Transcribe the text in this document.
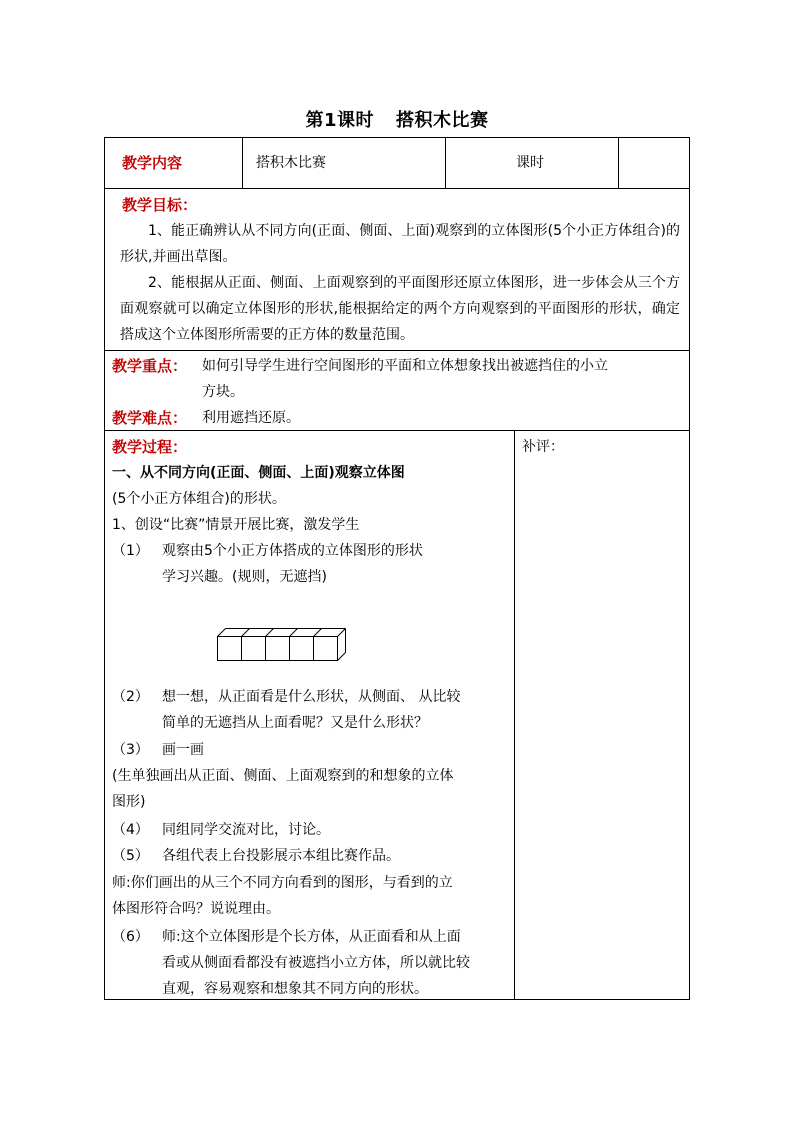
第1课时 搭积木比赛
教学内容	搭积木比赛	课时
教学目标：
1、能正确辨认从不同方向(正面、侧面、上面)观察到的立体图形(5个小正方体组合)的形状,并画出草图。
2、能根据从正面、侧面、上面观察到的平面图形还原立体图形，进一步体会从三个方面观察就可以确定立体图形的形状,能根据给定的两个方向观察到的平面图形的形状，确定搭成这个立体图形所需要的正方体的数量范围。
教学重点： 如何引导学生进行空间图形的平面和立体想象找出被遮挡住的小立
方块。
教学难点： 利用遮挡还原。
教学过程：
一、从不同方向(正面、侧面、上面)观察立体图
(5个小正方体组合)的形状。
1、创设“比赛”情景开展比赛，激发学生
（1） 观察由5个小正方体搭成的立体图形的形状
学习兴趣。(规则，无遮挡)
（2） 想一想，从正面看是什么形状，从侧面、 从比较
简单的无遮挡从上面看呢？又是什么形状？
（3） 画一画
(生单独画出从正面、侧面、上面观察到的和想象的立体
图形)
（4） 同组同学交流对比，讨论。
（5） 各组代表上台投影展示本组比赛作品。
师:你们画出的从三个不同方向看到的图形，与看到的立
体图形符合吗？说说理由。
（6） 师:这个立体图形是个长方体，从正面看和从上面
看或从侧面看都没有被遮挡小立方体，所以就比较
直观，容易观察和想象其不同方向的形状。
补评：
